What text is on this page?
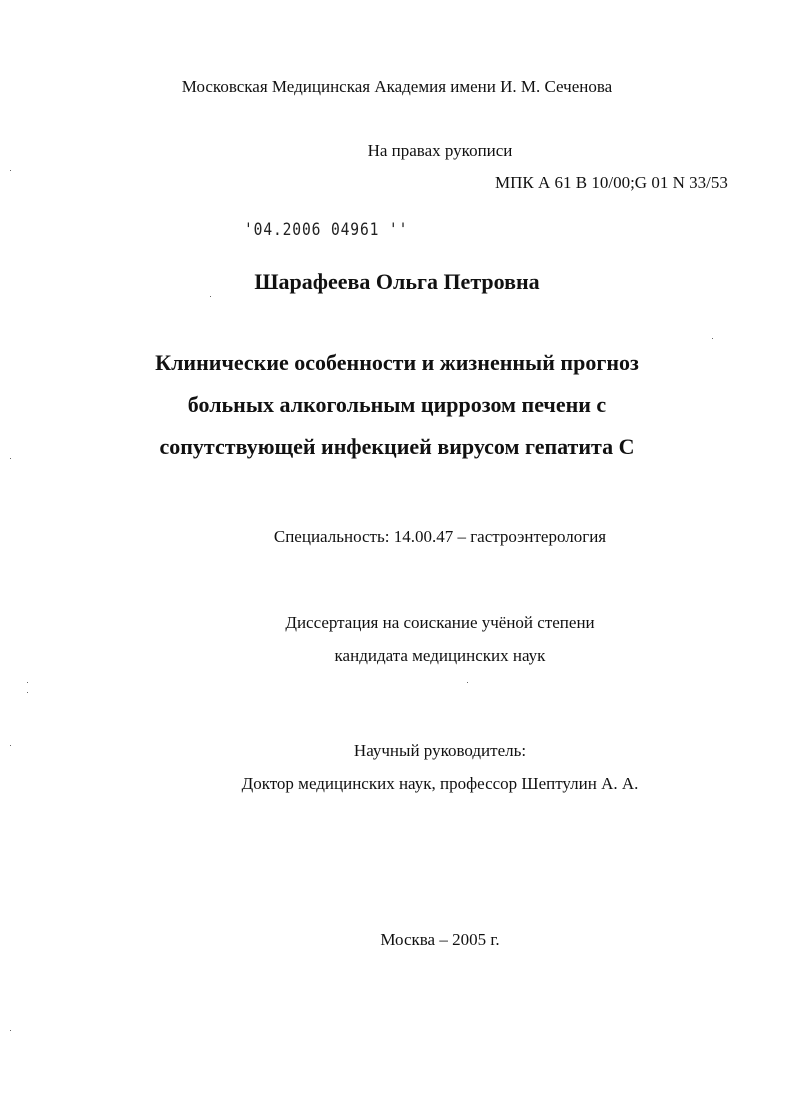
Московская Медицинская Академия имени И. М. Сеченова
На правах рукописи
МПК А 61 В 10/00;G 01 N 33/53
'04.2006 04961 ''
Шарафеева Ольга Петровна
Клинические особенности и жизненный прогноз
больных алкогольным циррозом печени с
сопутствующей инфекцией вирусом гепатита С
Специальность: 14.00.47 – гастроэнтерология
Диссертация на соискание учёной степени
кандидата медицинских наук
Научный руководитель:
Доктор медицинских наук, профессор Шептулин А. А.
Москва – 2005 г.
